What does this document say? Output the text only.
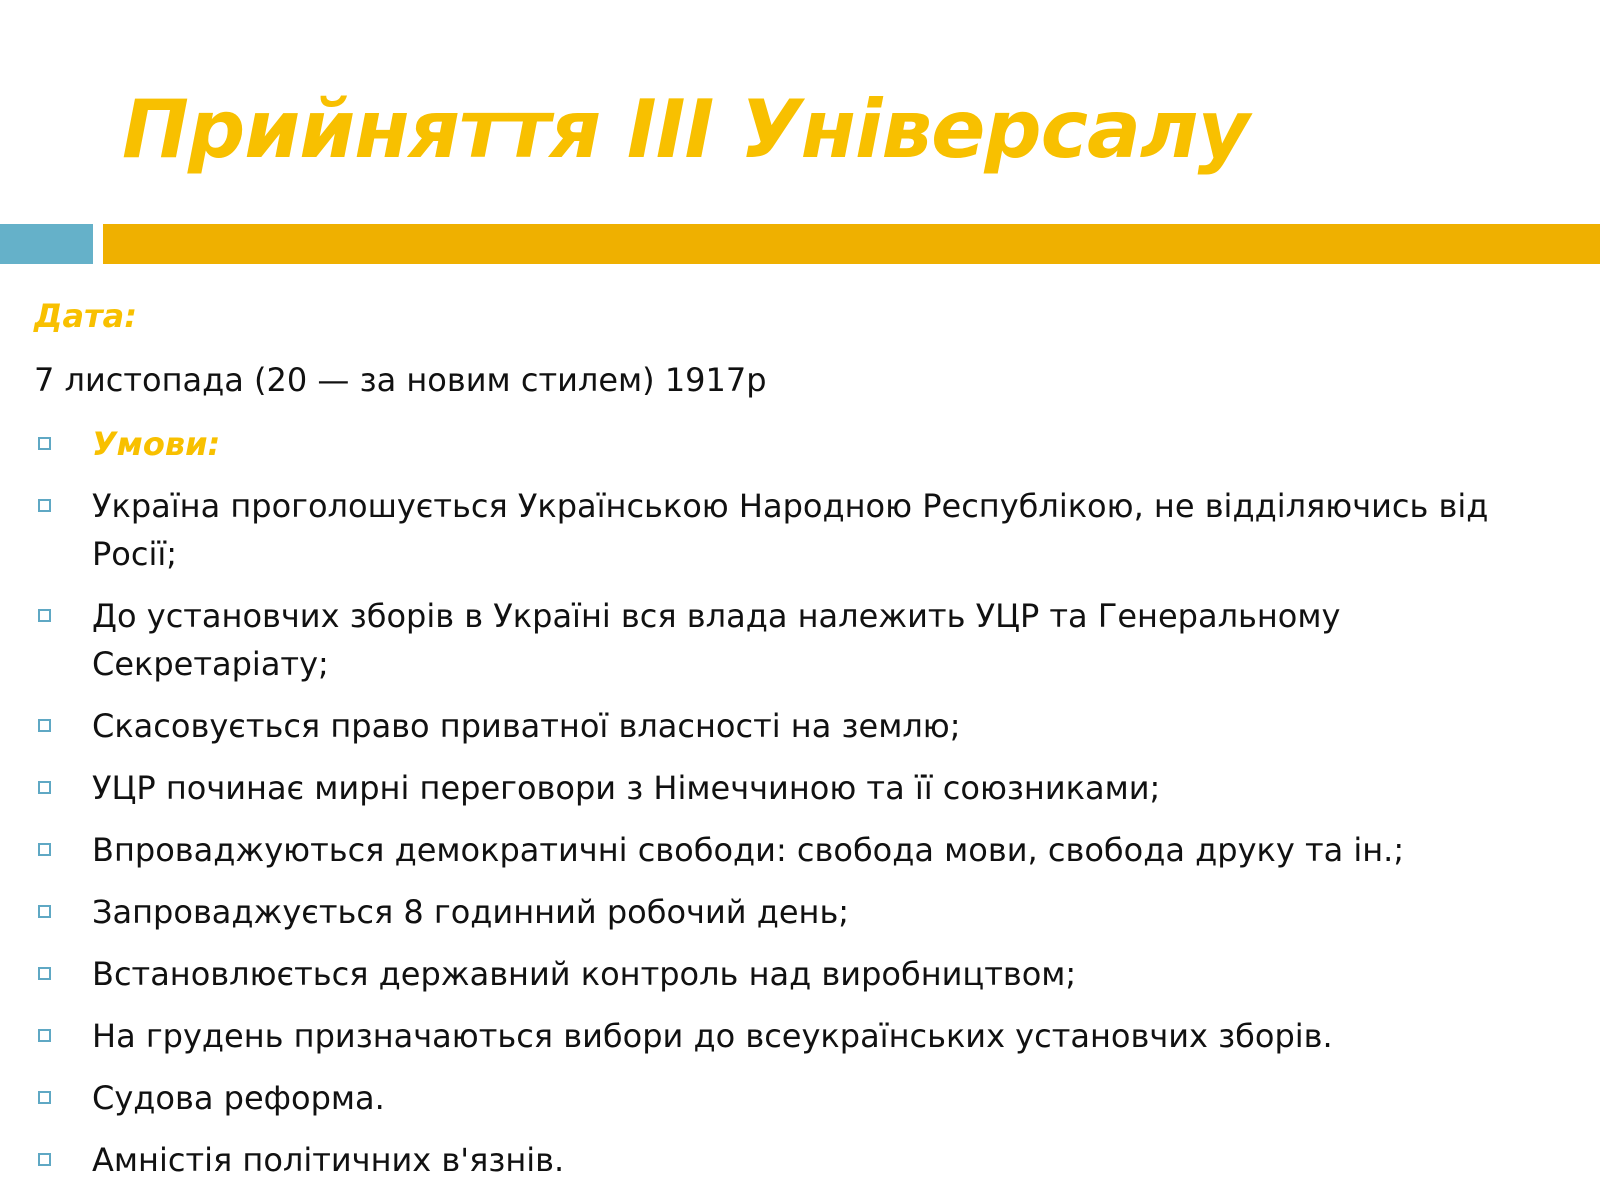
Прийняття ІІІ Універсалу
Дата:
7 листопада (20 — за новим стилем) 1917р
Умови:
Україна проголошується Українською Народною Республікою, не відділяючись від Росії;
До установчих зборів в Україні вся влада належить УЦР та Генеральному Секретаріату;
Скасовується право приватної власності на землю;
УЦР починає мирні переговори з Німеччиною та її союзниками;
Впроваджуються демократичні свободи: свобода мови, свобода друку та ін.;
Запроваджується 8 годинний робочий день;
Встановлюється державний контроль над виробництвом;
На грудень призначаються вибори до всеукраїнських установчих зборів.
Судова реформа.
Амністія політичних в'язнів.
